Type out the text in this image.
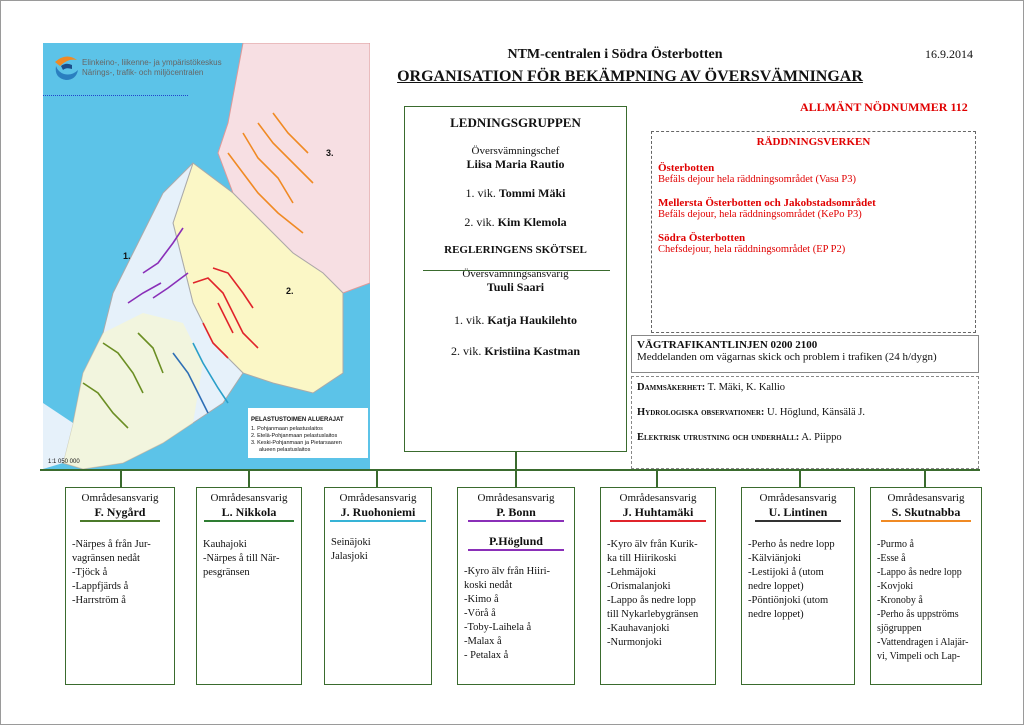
1.
2.
3.
PELASTUSTOIMEN ALUERAJAT
1. Pohjanmaan pelastuslaitos
2. Etelä-Pohjanmaan pelastuslaitos
3. Keski-Pohjanmaan ja Pietarsaaren
alueen pelastuslaitos
1:1 050 000
Elinkeino-, liikenne- ja ympäristökeskus
Närings-, trafik- och miljöcentralen
NTM-centralen i Södra Österbotten
ORGANISATION FÖR BEKÄMPNING AV ÖVERSVÄMNINGAR
16.9.2014
ALLMÄNT NÖDNUMMER 112
LEDNINGSGRUPPEN
Översvämningschef
Liisa Maria Rautio
1. vik. Tommi Mäki
2. vik. Kim Klemola
REGLERINGENS SKÖTSEL
Översvämningsansvarig
Tuuli Saari
1. vik. Katja Haukilehto
2. vik. Kristiina Kastman
RÄDDNINGSVERKEN
Österbotten
Befäls dejour hela räddningsområdet (Vasa P3)
Mellersta Österbotten och Jakobstadsområdet
Befäls dejour, hela räddningsområdet (KePo P3)
Södra Österbotten
Chefsdejour, hela räddningsområdet (EP P2)
VÄGTRAFIKANTLINJEN 0200 2100
Meddelanden om vägarnas skick och problem i trafiken (24 h/dygn)
Dammsäkerhet: T. Mäki, K. Kallio
Hydrologiska observationer: U. Höglund, Känsälä J.
Elektrisk utrustning och underhåll: A. Piippo
Områdesansvarig
F. Nygård
-Närpes å från Jur-
vagränsen nedåt
-Tjöck å
-Lappfjärds å
-Harrström å
Områdesansvarig
L. Nikkola
Kauhajoki
-Närpes å till När-
pesgränsen
Områdesansvarig
J. Ruohoniemi
Seinäjoki
Jalasjoki
Områdesansvarig
P. Bonn
P.Höglund
-Kyro älv från Hiiri-
koski nedåt
-Kimo å
-Vörå å
-Toby-Laihela å
-Malax å
- Petalax å
Områdesansvarig
J. Huhtamäki
-Kyro älv från Kurik-
ka till Hiirikoski
-Lehmäjoki
-Orismalanjoki
-Lappo ås nedre lopp
till Nykarlebygränsen
-Kauhavanjoki
-Nurmonjoki
Områdesansvarig
U. Lintinen
-Perho ås nedre lopp
-Kälviänjoki
-Lestijoki å (utom
nedre loppet)
-Pöntiönjoki (utom
nedre loppet)
Områdesansvarig
S. Skutnabba
-Purmo å
-Esse å
-Lappo ås nedre lopp
-Kovjoki
-Kronoby å
-Perho ås uppströms
sjögruppen
-Vattendragen i Alajär-
vi, Vimpeli och Lap-
